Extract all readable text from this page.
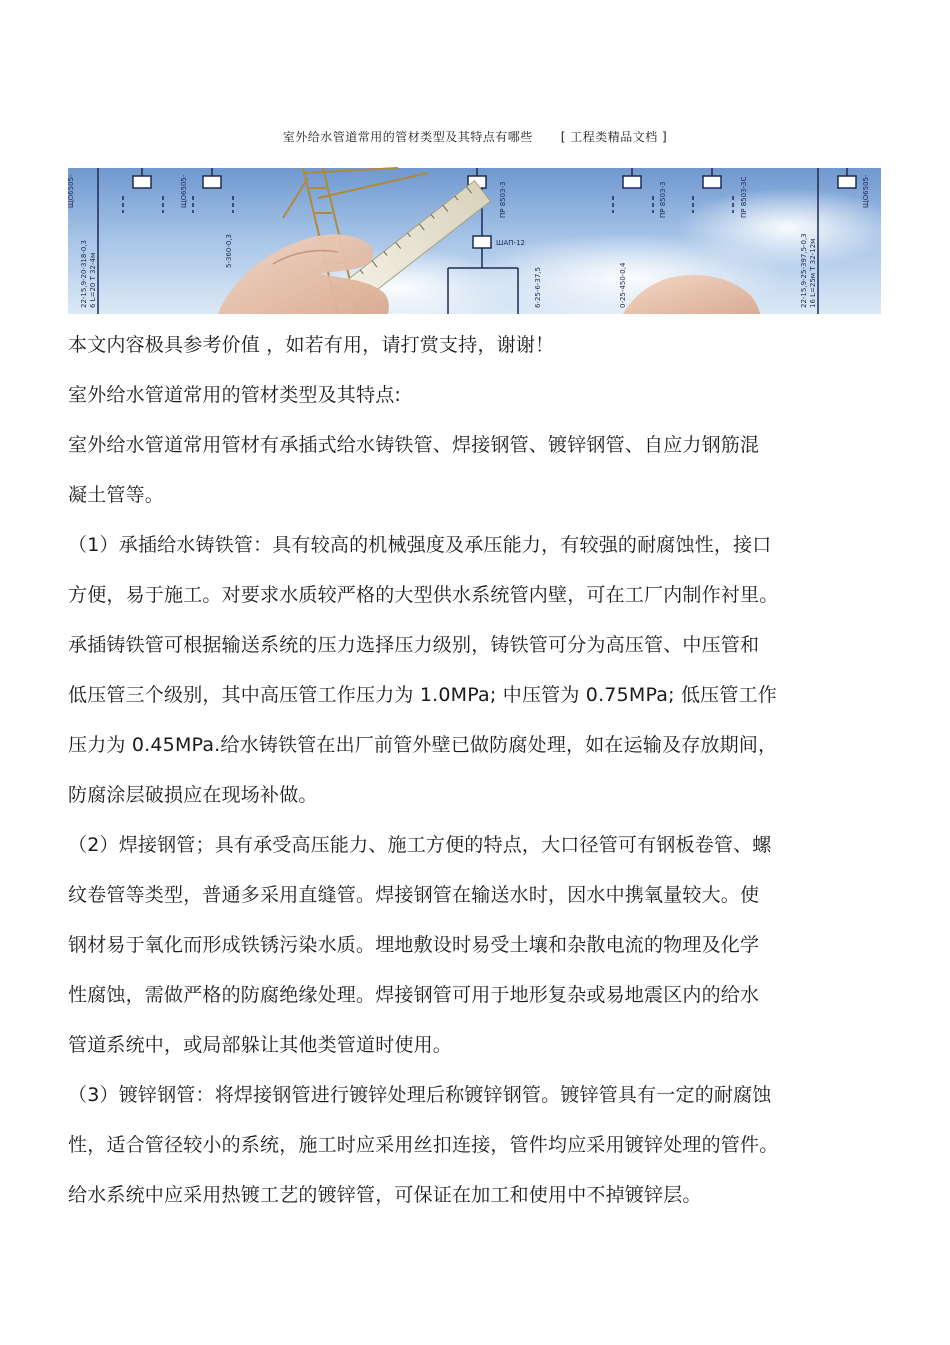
室外给水管道常用的管材类型及其特点有哪些 [ 工程类精品文档 ]
ЩО6505-	ЩО6505-	ПР 8503-3
ШАП-12
ПР 8503-3
6-25-6-37,5	0-25-450-0,4
ЩО6505-
ПР 8503-3С
22-15,9-20-318-0,3 6 L=20 T 32-4м
5-360-0,3	22-15,9-25-397,5-0,3 16 L=25м T 32-12м
本文内容极具参考价值 ，如若有用，请打赏支持，谢谢！
室外给水管道常用的管材类型及其特点:
室外给水管道常用管材有承插式给水铸铁管、焊接钢管、镀锌钢管、自应力钢筋混
凝土管等。
（1）承插给水铸铁管：具有较高的机械强度及承压能力，有较强的耐腐蚀性，接口
方便，易于施工。对要求水质较严格的大型供水系统管内壁，可在工厂内制作衬里。
承插铸铁管可根据输送系统的压力选择压力级别，铸铁管可分为高压管、中压管和
低压管三个级别，其中高压管工作压力为 1.0MPa; 中压管为 0.75MPa; 低压管工作
压力为 0.45MPa.给水铸铁管在出厂前管外壁已做防腐处理，如在运输及存放期间，
防腐涂层破损应在现场补做。
（2）焊接钢管；具有承受高压能力、施工方便的特点，大口径管可有钢板卷管、螺
纹卷管等类型，普通多采用直缝管。焊接钢管在输送水时，因水中携氧量较大。使
钢材易于氧化而形成铁锈污染水质。埋地敷设时易受土壤和杂散电流的物理及化学
性腐蚀，需做严格的防腐绝缘处理。焊接钢管可用于地形复杂或易地震区内的给水
管道系统中，或局部躲让其他类管道时使用。
（3）镀锌钢管：将焊接钢管进行镀锌处理后称镀锌钢管。镀锌管具有一定的耐腐蚀
性，适合管径较小的系统，施工时应采用丝扣连接，管件均应采用镀锌处理的管件。
给水系统中应采用热镀工艺的镀锌管，可保证在加工和使用中不掉镀锌层。
